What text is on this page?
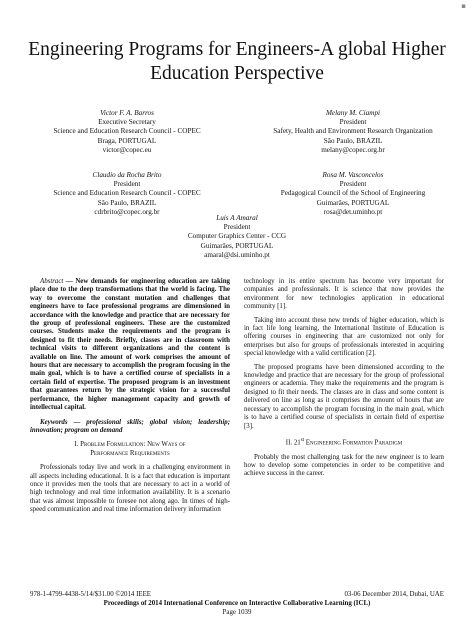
▪
Engineering Programs for Engineers-A global Higher Education Perspective
Victor F. A. Barros
Executive Secretary
Science and Education Research Council - COPEC
Braga, PORTUGAL
victor@copec.eu
Melany M. Ciampi
President
Safety, Health and Environment Research Organization
São Paulo, BRAZIL
melany@copec.org.br
Claudio da Rocha Brito
President
Science and Education Research Council - COPEC
São Paulo, BRAZIL
cdrbrito@copec.org.br
Rosa M. Vasconcelos
President
Pedagogical Council of the School of Engineering
Guimarães, PORTUGAL
rosa@det.uminho.pt
Luis A Amaral
President
Computer Graphics Center - CCG
Guimarães, PORTUGAL
amaral@dsi.uminho.pt
Abstract — New demands for engineering education are taking place due to the deep transformations that the world is facing. The way to overcome the constant mutation and challenges that engineers have to face professional programs are dimensioned in accordance with the knowledge and practice that are necessary for the group of professional engineers. These are the customized courses. Students make the requirements and the program is designed to fit their needs. Briefly, classes are in classroom with technical visits to different organizations and the content is available on line. The amount of work comprises the amount of hours that are necessary to accomplish the program focusing in the main goal, which is to have a certified course of specialists in a certain field of expertise. The proposed program is an investment that guarantees return by the strategic vision for a successful performance, the higher management capacity and growth of intellectual capital.
Keywords — professional skills; global vision; leadership; innovation; program on demand
I. Problem Formulation: New Ways of
Performance Requirements

Professionals today live and work in a challenging environment in all aspects including educational. It is a fact that education is important once it provides men the tools that are necessary to act in a world of high technology and real time information availability. It is a scenario that was almost impossible to foresee not along ago. In times of high-speed communication and real time information delivery information

technology in its entire spectrum has become very important for companies and professionals. It is science that now provides the environment for new technologies application in educational community [1].

Taking into account these new trends of higher education, which is in fact life long learning, the International Institute of Education is offering courses in engineering that are customized not only for enterprises but also for groups of professionals interested in acquiring special knowledge with a valid certification [2].

The proposed programs have been dimensioned according to the knowledge and practice that are necessary for the group of professional engineers or academia. They make the requirements and the program is designed to fit their needs. The classes are in class and some content is delivered on line as long as it comprises the amount of hours that are necessary to accomplish the program focusing in the main goal, which is to have a certified course of specialists in certain field of expertise [3].

II. 21st Engineering Formation Paradigm

Probably the most challenging task for the new engineer is to learn how to develop some competencies in order to be competitive and achieve success in the career.

978-1-4799-4438-5/14/$31.00 ©2014 IEEE	03-06 December 2014, Dubai, UAE
Proceedings of 2014 International Conference on Interactive Collaborative Learning (ICL)
Page 1039
